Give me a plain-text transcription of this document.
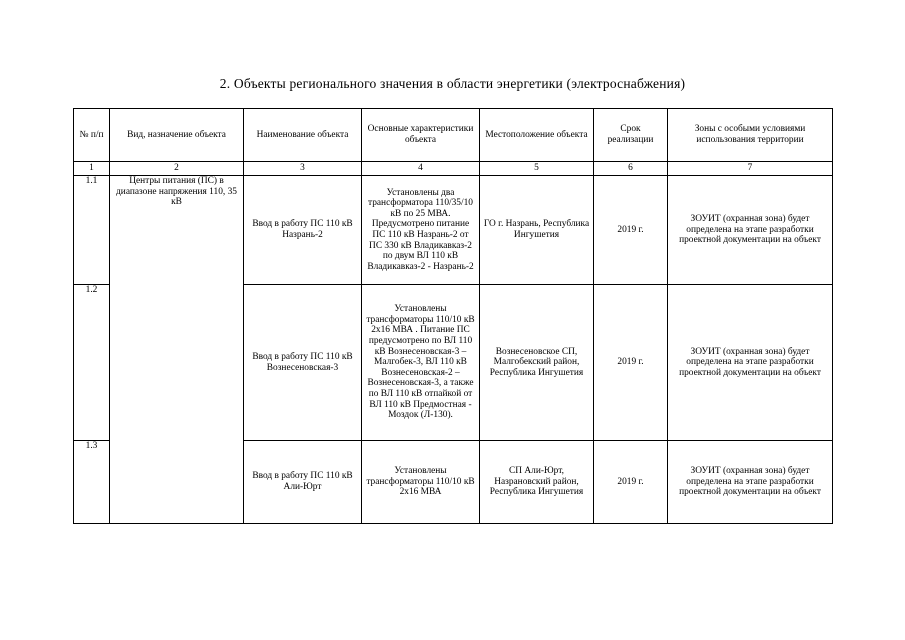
2. Объекты регионального значения в области энергетики (электроснабжения)
№ п/п	Вид, назначение объекта	Наименование объекта	Основные характеристики объекта	Местоположение объекта	Срок реализации	Зоны с особыми условиями использования территории
1	2	3	4	5	6	7
1.1	Центры питания (ПС) в диапазоне напряжения 110, 35 кВ	Ввод в работу ПС 110 кВ Назрань-2	Установлены два трансформатора 110/35/10 кВ по 25 МВА. Предусмотрено питание ПС 110 кВ Назрань-2 от ПС 330 кВ Владикавказ-2 по двум ВЛ 110 кВ Владикавказ-2 - Назрань-2	ГО г. Назрань, Республика Ингушетия	2019 г.	ЗОУИТ (охранная зона) будет определена на этапе разработки проектной документации на объект
1.2		Ввод в работу ПС 110 кВ Вознесеновская-3	Установлены трансформаторы 110/10 кВ 2х16 МВА . Питание ПС предусмотрено по ВЛ 110 кВ Вознесеновская-3 – Малгобек-3, ВЛ 110 кВ Вознесеновская-2 – Вознесеновская-3, а также по ВЛ 110 кВ отпайкой от ВЛ 110 кВ Предмостная - Моздок (Л-130).	Вознесеновское СП, Малгобекский район, Республика Ингушетия	2019 г.	ЗОУИТ (охранная зона) будет определена на этапе разработки проектной документации на объект
1.3		Ввод в работу ПС 110 кВ Али-Юрт	Установлены трансформаторы 110/10 кВ 2х16 МВА	СП Али-Юрт, Назрановский район, Республика Ингушетия	2019 г.	ЗОУИТ (охранная зона) будет определена на этапе разработки проектной документации на объект
